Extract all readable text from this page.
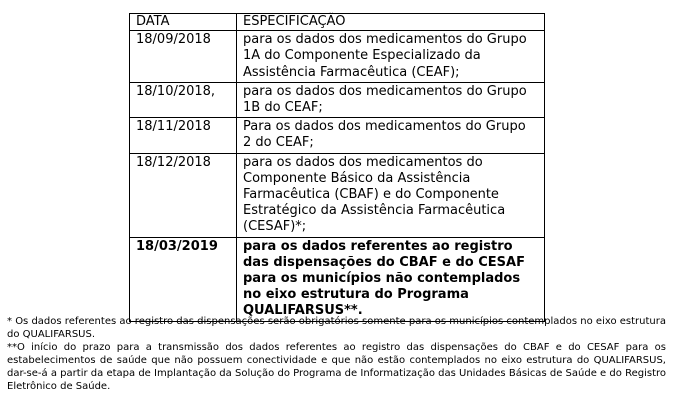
DATA	ESPECIFICAÇÃO
18/09/2018	para os dados dos medicamentos do Grupo 1A do Componente Especializado da Assistência Farmacêutica (CEAF);
18/10/2018,	para os dados dos medicamentos do Grupo 1B do CEAF;
18/11/2018	Para os dados dos medicamentos do Grupo 2 do CEAF;
18/12/2018	para os dados dos medicamentos do Componente Básico da Assistência Farmacêutica (CBAF) e do Componente Estratégico da Assistência Farmacêutica (CESAF)*;
18/03/2019	para os dados referentes ao registro das dispensações do CBAF e do CESAF para os municípios não contemplados no eixo estrutura do Programa QUALIFARSUS**.

* Os dados referentes ao registro das dispensações serão obrigatórios somente para os municípios contemplados no eixo estrutura do QUALIFARSUS.

**O início do prazo para a transmissão dos dados referentes ao registro das dispensações do CBAF e do CESAF para os estabelecimentos de saúde que não possuem conectividade e que não estão contemplados no eixo estrutura do QUALIFARSUS, dar-se-á a partir da etapa de Implantação da Solução do Programa de Informatização das Unidades Básicas de Saúde e do Registro Eletrônico de Saúde.
